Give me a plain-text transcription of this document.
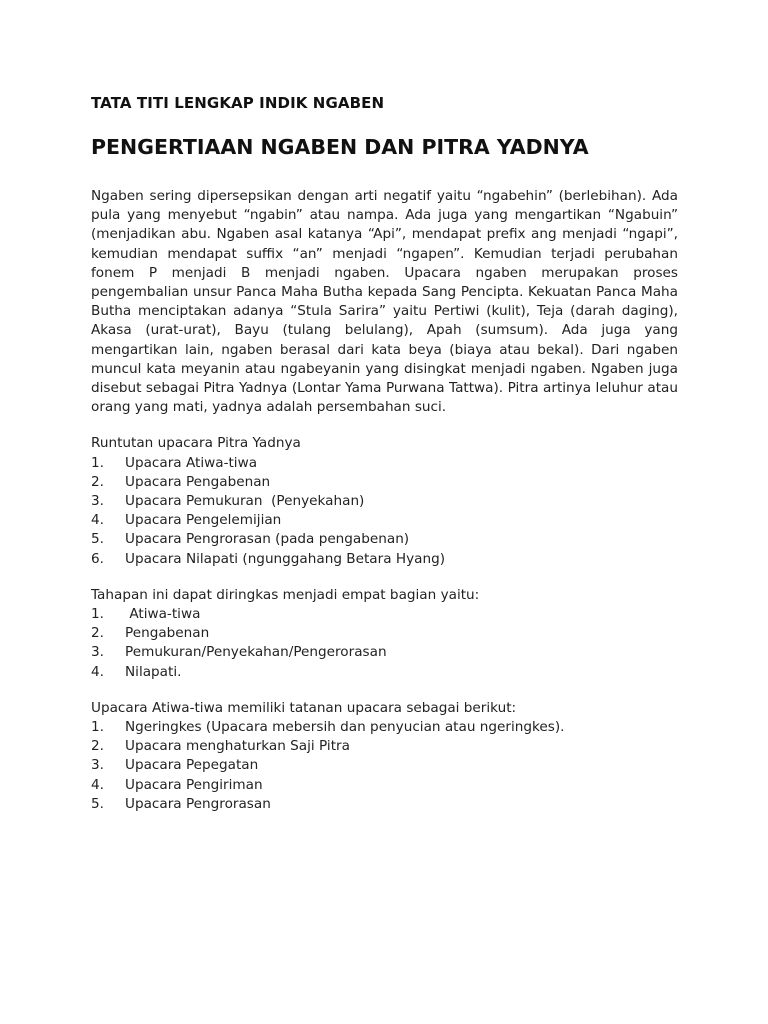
TATA TITI LENGKAP INDIK NGABEN
PENGERTIAAN NGABEN DAN PITRA YADNYA

Ngaben sering dipersepsikan dengan arti negatif yaitu “ngabehin” (berlebihan). Ada pula yang menyebut “ngabin” atau nampa. Ada juga yang mengartikan “Ngabuin” (menjadikan abu. Ngaben asal katanya “Api”, mendapat prefix ang menjadi “ngapi”, kemudian mendapat suffix “an” menjadi “ngapen”. Kemudian terjadi perubahan fonem P menjadi B menjadi ngaben. Upacara ngaben merupakan proses pengembalian unsur Panca Maha Butha kepada Sang Pencipta. Kekuatan Panca Maha Butha menciptakan adanya “Stula Sarira” yaitu Pertiwi (kulit), Teja (darah daging), Akasa (urat-urat), Bayu (tulang belulang), Apah (sumsum). Ada juga yang mengartikan lain, ngaben berasal dari kata beya (biaya atau bekal). Dari ngaben muncul kata meyanin atau ngabeyanin yang disingkat menjadi ngaben. Ngaben juga disebut sebagai Pitra Yadnya (Lontar Yama Purwana Tattwa). Pitra artinya leluhur atau orang yang mati, yadnya adalah persembahan suci.

Runtutan upacara Pitra Yadnya

1.	Upacara Atiwa-tiwa
2.	Upacara Pengabenan
3.	Upacara Pemukuran  (Penyekahan)
4.	Upacara Pengelemijian
5.	Upacara Pengrorasan (pada pengabenan)
6.	Upacara Nilapati (ngunggahang Betara Hyang)

Tahapan ini dapat diringkas menjadi empat bagian yaitu:

1.	Atiwa-tiwa
2.	Pengabenan
3.	Pemukuran/Penyekahan/Pengerorasan
4.	Nilapati.

Upacara Atiwa-tiwa memiliki tatanan upacara sebagai berikut:

1.	Ngeringkes (Upacara mebersih dan penyucian atau ngeringkes).
2.	Upacara menghaturkan Saji Pitra
3.	Upacara Pepegatan
4.	Upacara Pengiriman
5.	Upacara Pengrorasan
